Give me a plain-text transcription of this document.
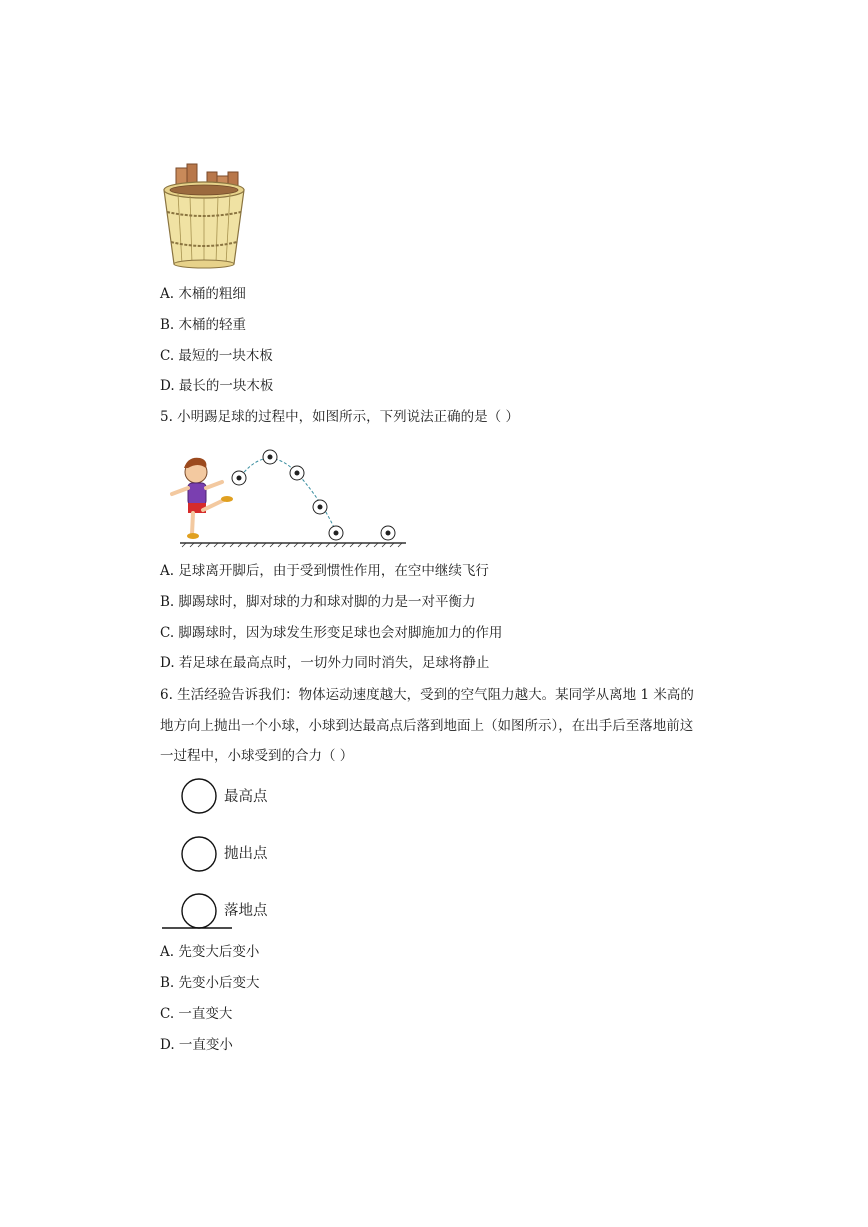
A. 木桶的粗细
B. 木桶的轻重
C. 最短的一块木板
D. 最长的一块木板
5. 小明踢足球的过程中，如图所示，下列说法正确的是（ ）
A. 足球离开脚后，由于受到惯性作用，在空中继续飞行
B. 脚踢球时，脚对球的力和球对脚的力是一对平衡力
C. 脚踢球时，因为球发生形变足球也会对脚施加力的作用
D. 若足球在最高点时，一切外力同时消失，足球将静止
6. 生活经验告诉我们：物体运动速度越大，受到的空气阻力越大。某同学从离地 1 米高的
地方向上抛出一个小球，小球到达最高点后落到地面上（如图所示），在出手后至落地前这
一过程中，小球受到的合力（ ）
最高点
抛出点
落地点
A. 先变大后变小
B. 先变小后变大
C. 一直变大
D. 一直变小
